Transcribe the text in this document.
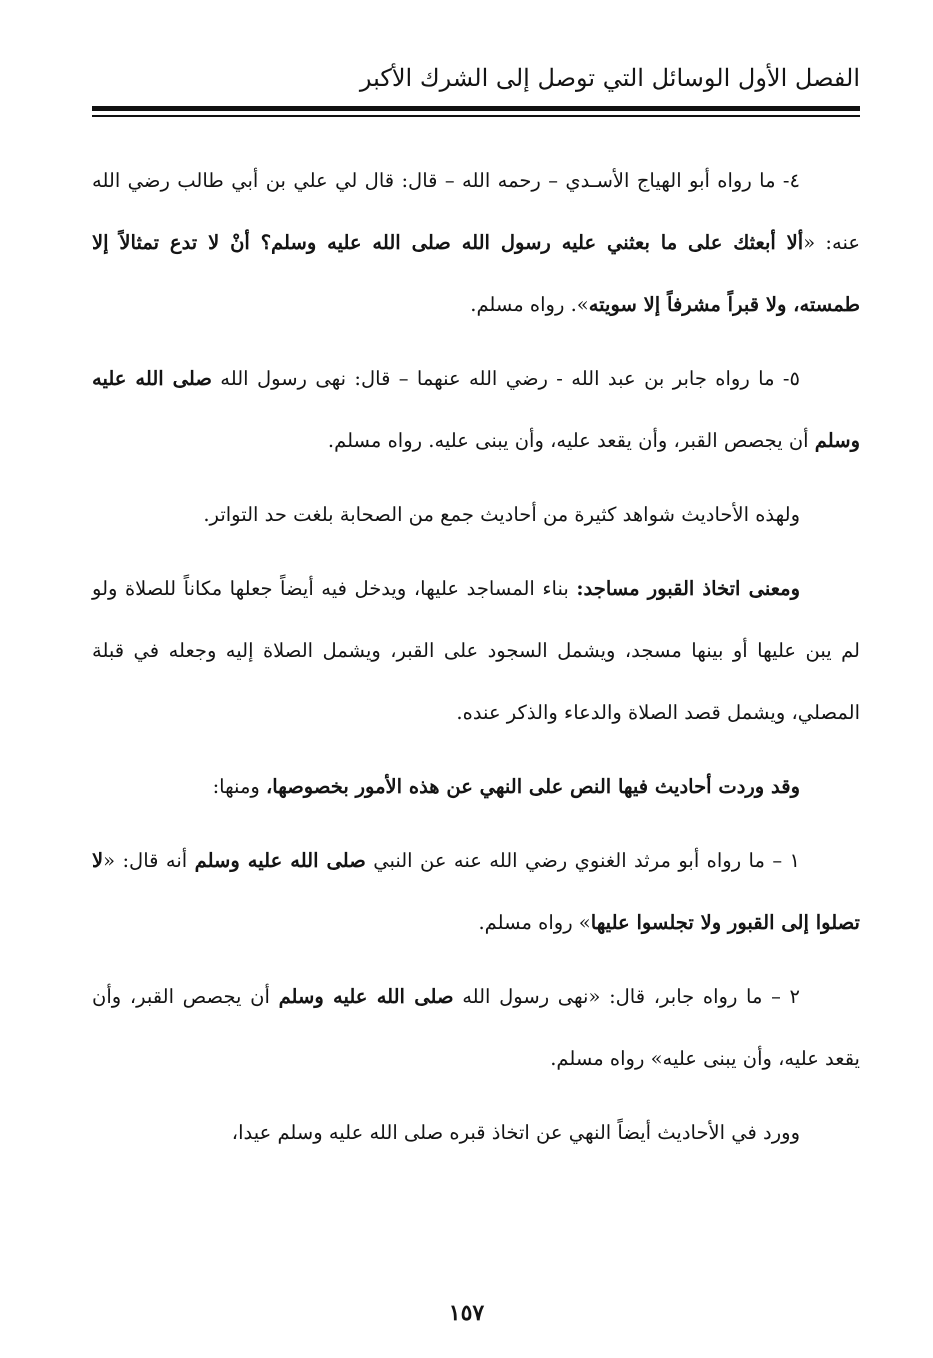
الفصل الأول الوسائل التي توصل إلى الشرك الأكبر

٤- ما رواه أبو الهياج الأسـدي – رحمه الله – قال: قال لي علي بن أبي طالب رضي الله عنه: «ألا أبعثك على ما بعثني عليه رسول الله صلى الله عليه وسلم؟ أنْ لا تدع تمثالاً إلا طمسته، ولا قبراً مشرفاً إلا سويته». رواه مسلم.

٥- ما رواه جابر بن عبد الله - رضي الله عنهما – قال: نهى رسول الله صلى الله عليه وسلم أن يجصص القبر، وأن يقعد عليه، وأن يبنى عليه. رواه مسلم.

ولهذه الأحاديث شواهد كثيرة من أحاديث جمع من الصحابة بلغت حد التواتر.

ومعنى اتخاذ القبور مساجد: بناء المساجد عليها، ويدخل فيه أيضاً جعلها مكاناً للصلاة ولو لم يبن عليها أو بينها مسجد، ويشمل السجود على القبر، ويشمل الصلاة إليه وجعله في قبلة المصلي، ويشمل قصد الصلاة والدعاء والذكر عنده.

وقد وردت أحاديث فيها النص على النهي عن هذه الأمور بخصوصها، ومنها:

١ – ما رواه أبو مرثد الغنوي رضي الله عنه عن النبي صلى الله عليه وسلم أنه قال: «لا تصلوا إلى القبور ولا تجلسوا عليها» رواه مسلم.

٢ – ما رواه جابر، قال: «نهى رسول الله صلى الله عليه وسلم أن يجصص القبر، وأن يقعد عليه، وأن يبنى عليه» رواه مسلم.

وورد في الأحاديث أيضاً النهي عن اتخاذ قبره صلى الله عليه وسلم عيدا،

١٥٧
